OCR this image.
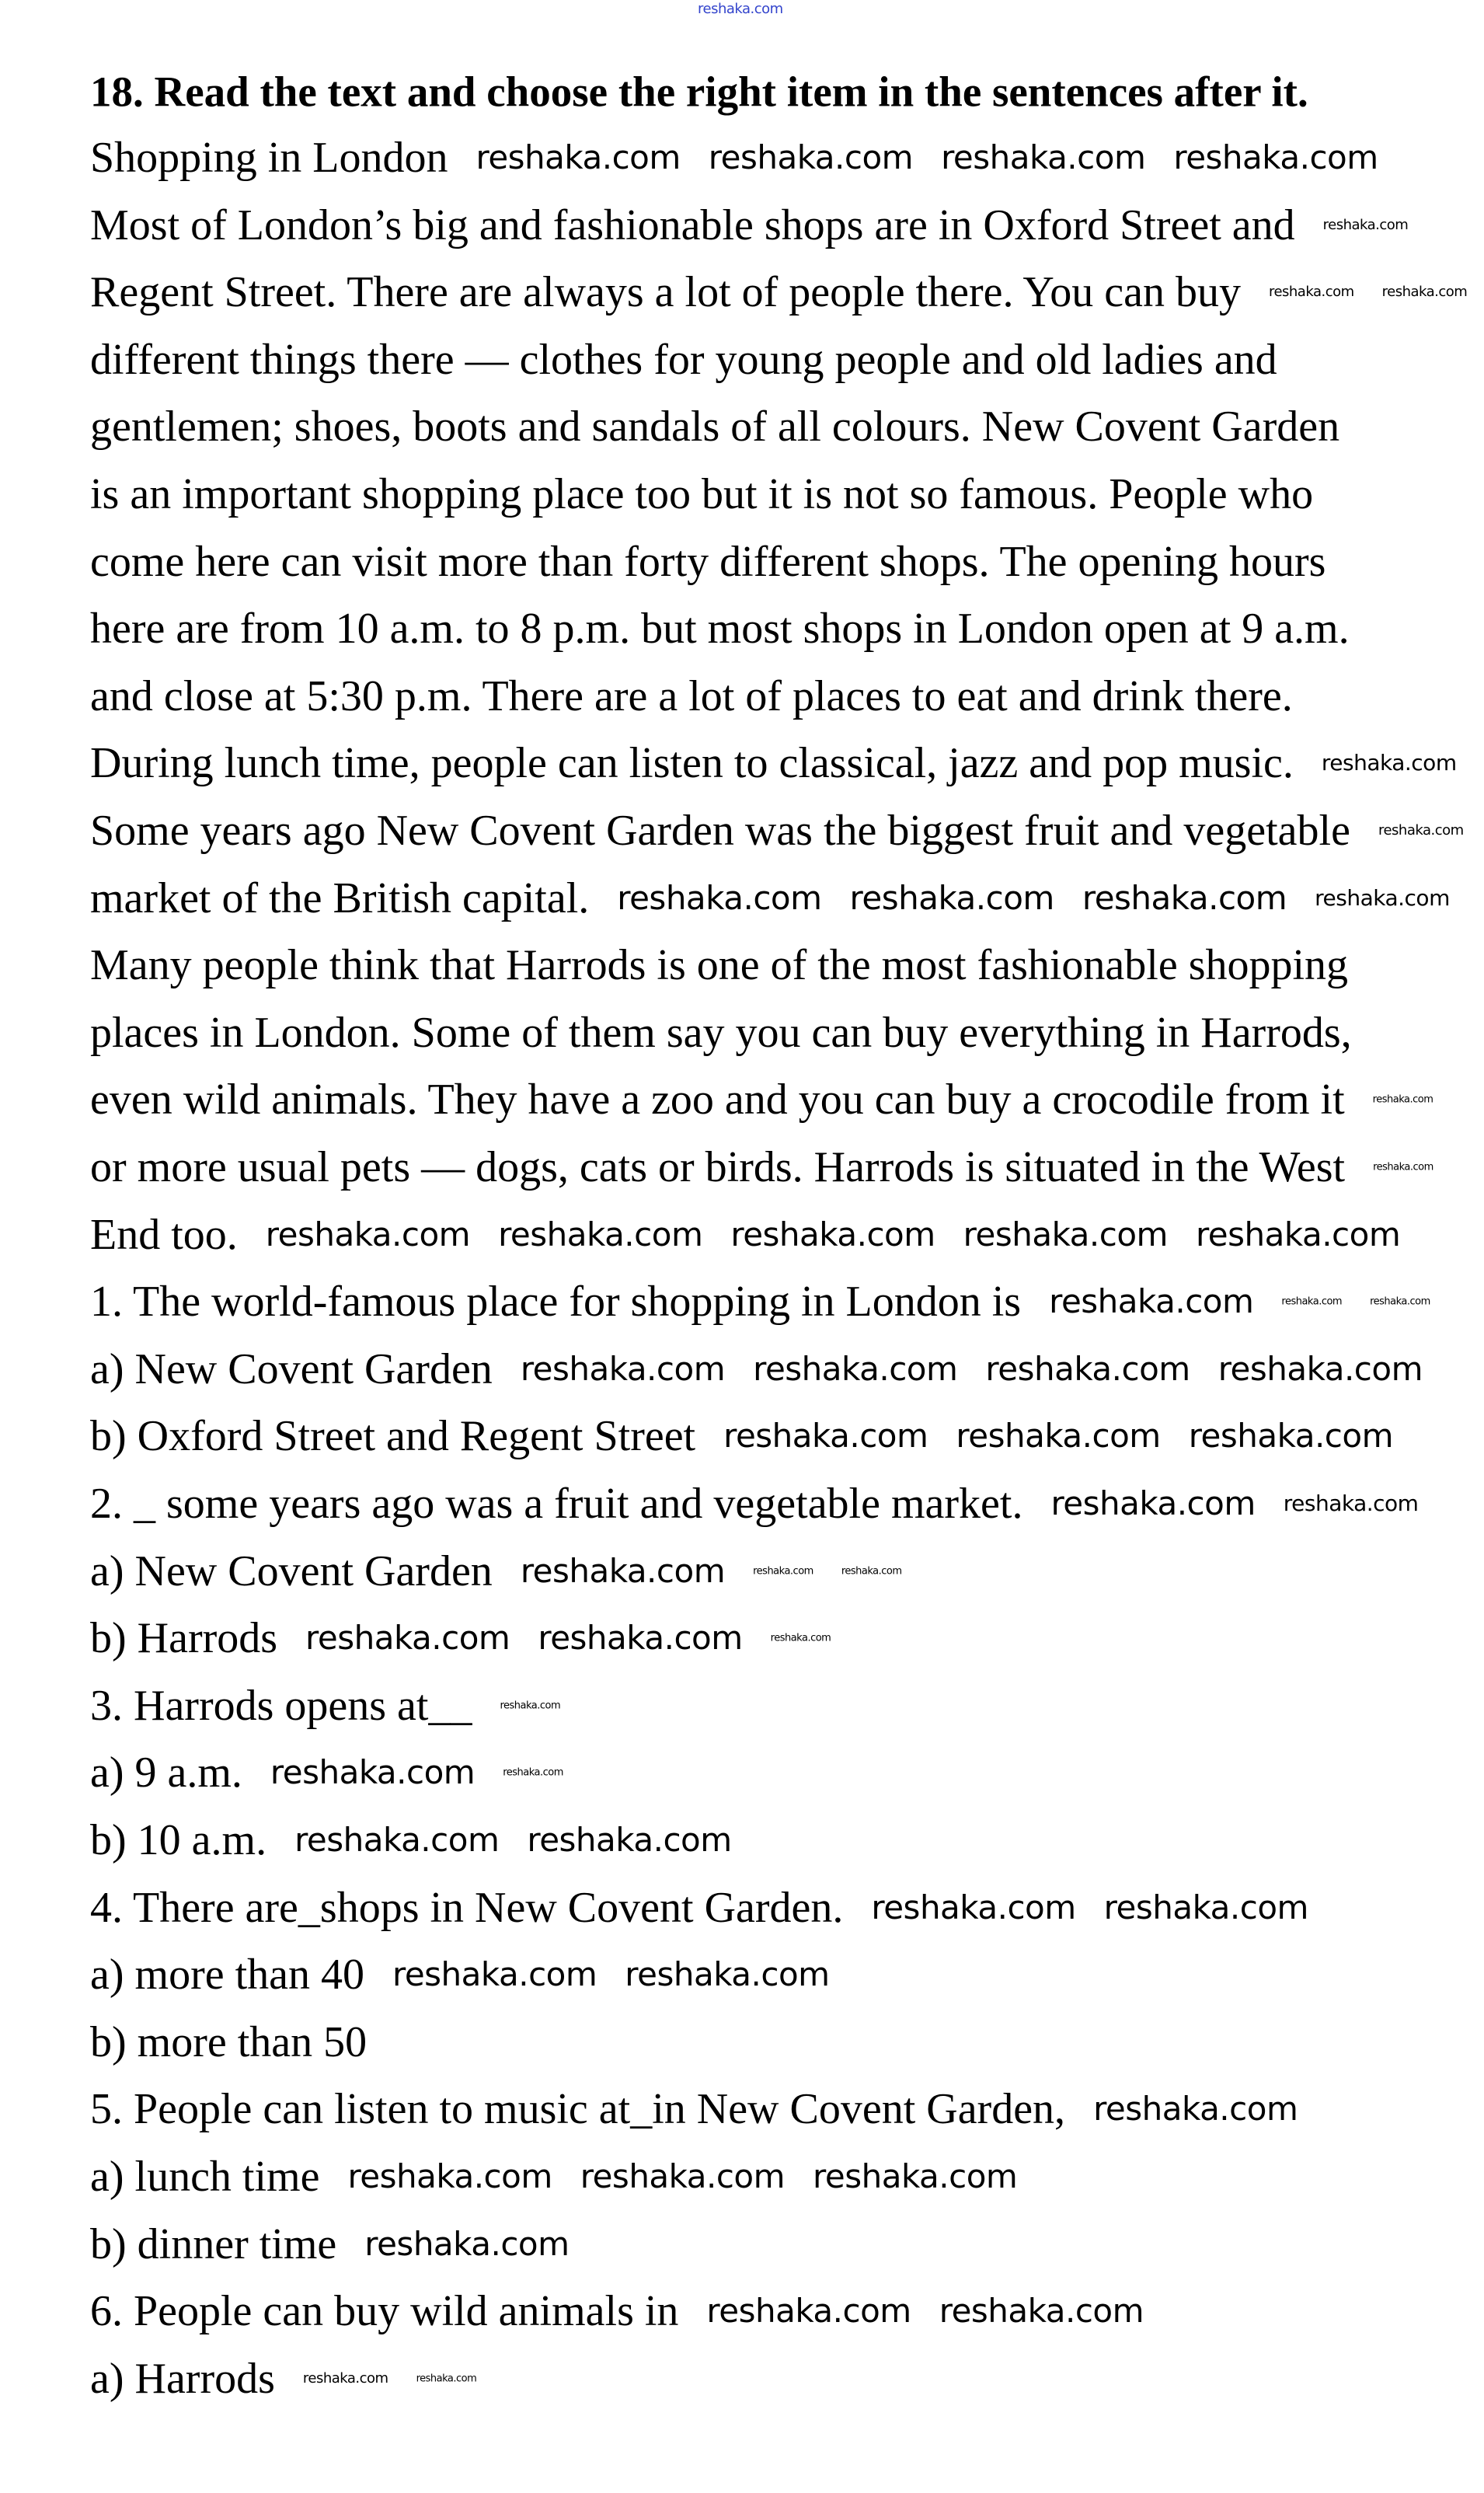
18. Read the text and choose the right item in the sentences after it.
Shopping in London
Most of London’s big and fashionable shops are in Oxford Street and
Regent Street. There are always a lot of people there. You can buy
different things there — clothes for young people and old ladies and
gentlemen; shoes, boots and sandals of all colours. New Covent Garden
is an important shopping place too but it is not so famous. People who
come here can visit more than forty different shops. The opening hours
here are from 10 a.m. to 8 p.m. but most shops in London open at 9 a.m.
and close at 5:30 p.m. There are a lot of places to eat and drink there.
During lunch time, people can listen to classical, jazz and pop music.
Some years ago New Covent Garden was the biggest fruit and vegetable
market of the British capital.
Many people think that Harrods is one of the most fashionable shopping
places in London. Some of them say you can buy everything in Harrods,
even wild animals. They have a zoo and you can buy a crocodile from it
or more usual pets — dogs, cats or birds. Harrods is situated in the West
End too.
1. The world-famous place for shopping in London is
a) New Covent Garden
b) Oxford Street and Regent Street
2. _ some years ago was a fruit and vegetable market.
a) New Covent Garden
b) Harrods
3. Harrods opens at__
a) 9 a.m.
b) 10 a.m.
4. There are_shops in New Covent Garden.
a) more than 40
b) more than 50
5. People can listen to music at_in New Covent Garden,
a) lunch time
b) dinner time
6. People can buy wild animals in
a) Harrods
reshaka.com
reshaka.com reshaka.com reshaka.com reshaka.com
reshaka.com reshaka.com reshaka.com
reshaka.com reshaka.com reshaka.com reshaka.com reshaka.com
reshaka.com
reshaka.com
reshaka.com
reshaka.com reshaka.com reshaka.com reshaka.com
reshaka.com reshaka.com reshaka.com
reshaka.com
reshaka.com
reshaka.com reshaka.com
reshaka.com
reshaka.com reshaka.com
reshaka.com reshaka.com
reshaka.com reshaka.com
reshaka.com
reshaka.com reshaka.com reshaka.com
reshaka.com
reshaka.com reshaka.com
reshaka.com
reshaka.com reshaka.com
reshaka.com
reshaka.com
reshaka.com
reshaka.com
reshaka.com	reshaka.com
reshaka.com	reshaka.com
reshaka.com
reshaka.com
reshaka.com
reshaka.com	reshaka.com
